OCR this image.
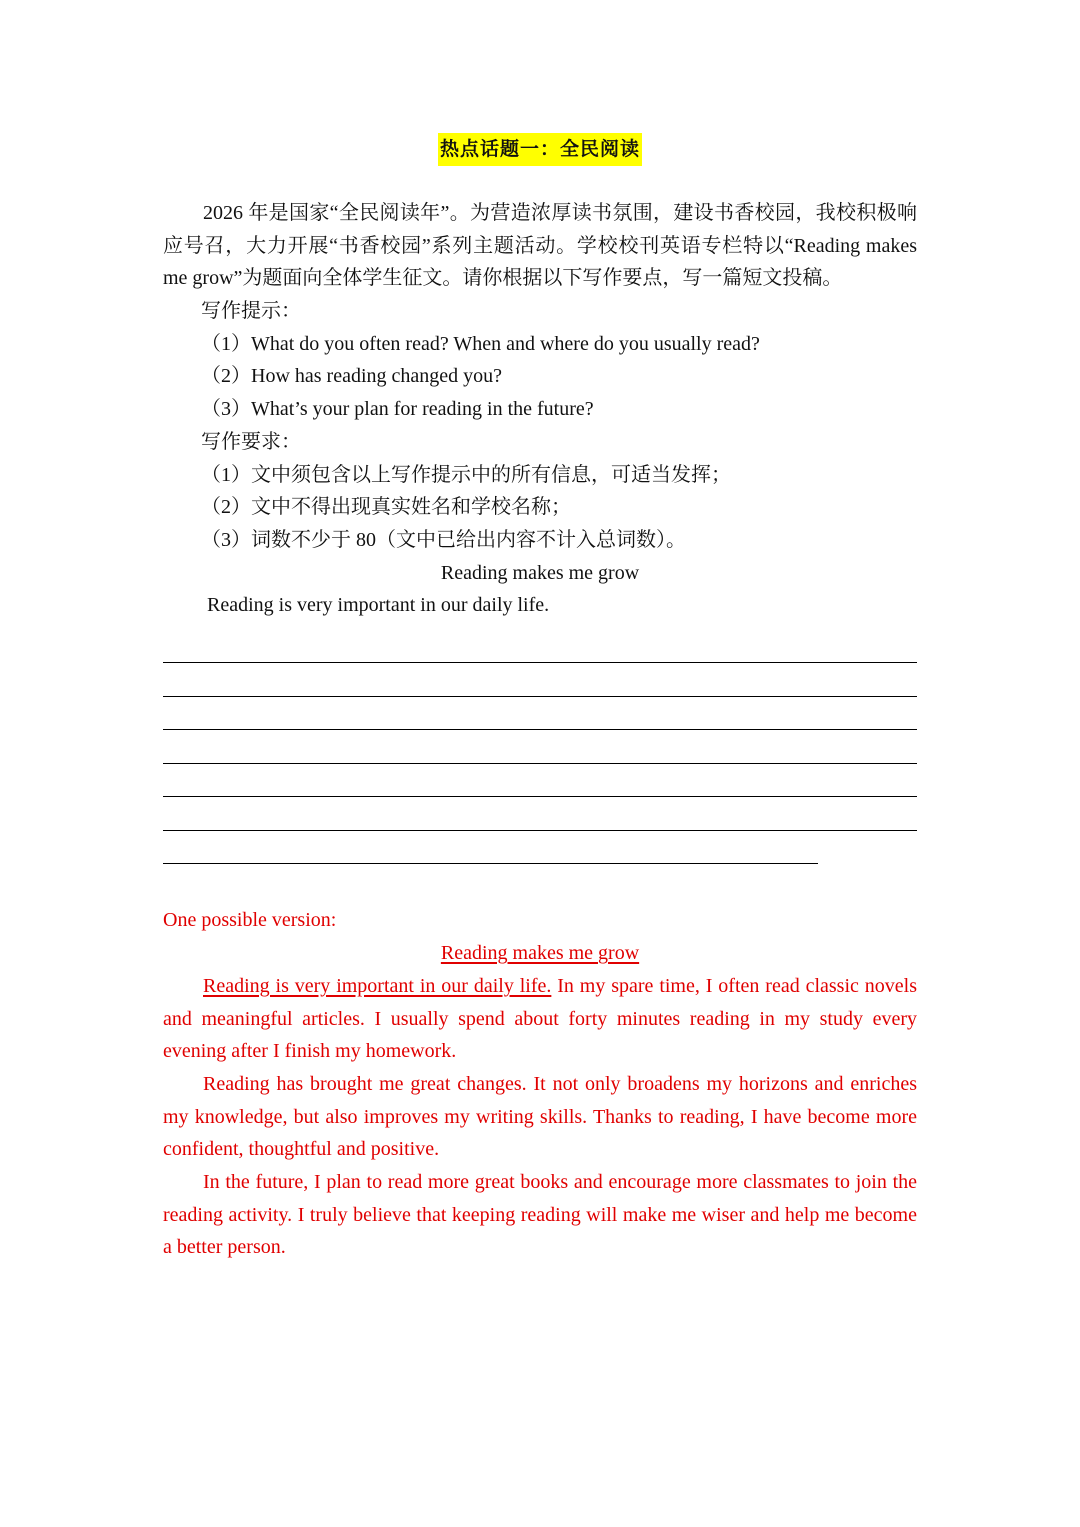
热点话题一：全民阅读
2026 年是国家“全民阅读年”。为营造浓厚读书氛围，建设书香校园，我校积极响应号召，大力开展“书香校园”系列主题活动。学校校刊英语专栏特以“Reading makes me grow”为题面向全体学生征文。请你根据以下写作要点，写一篇短文投稿。
写作提示：
（1）What do you often read? When and where do you usually read?
（2）How has reading changed you?
（3）What’s your plan for reading in the future?
写作要求：
（1）文中须包含以上写作提示中的所有信息，可适当发挥；
（2）文中不得出现真实姓名和学校名称；
（3）词数不少于 80（文中已给出内容不计入总词数）。
Reading makes me grow
Reading is very important in our daily life.
One possible version:
Reading makes me grow
Reading is very important in our daily life. In my spare time, I often read classic novels and meaningful articles. I usually spend about forty minutes reading in my study every evening after I finish my homework.
Reading has brought me great changes. It not only broadens my horizons and enriches my knowledge, but also improves my writing skills. Thanks to reading, I have become more confident, thoughtful and positive.
In the future, I plan to read more great books and encourage more classmates to join the reading activity. I truly believe that keeping reading will make me wiser and help me become a better person.
